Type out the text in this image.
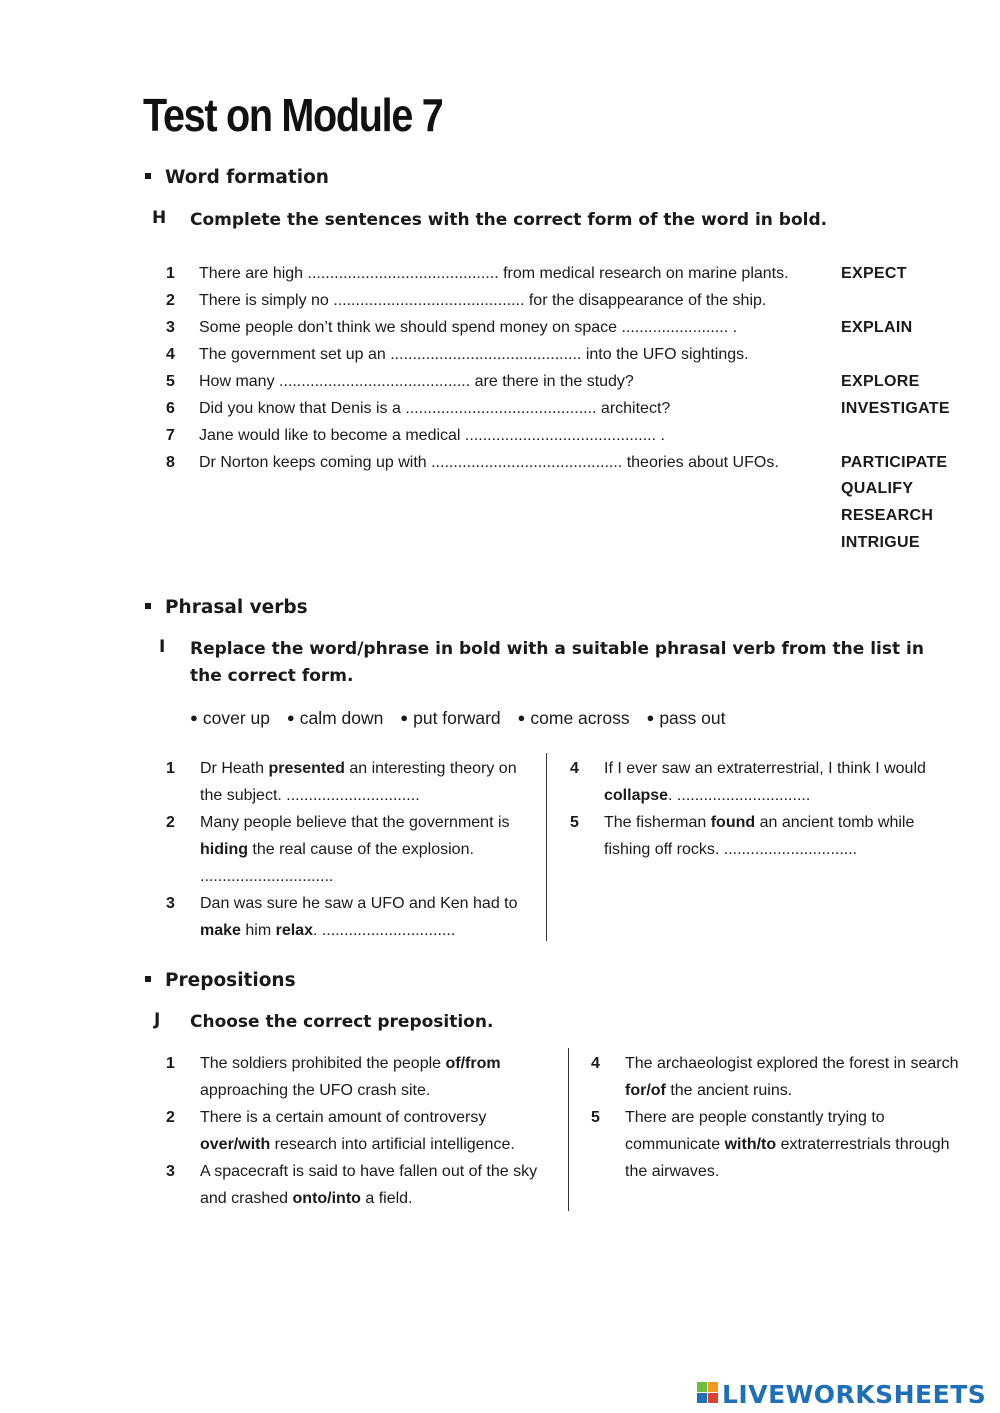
Test on Module 7
Word formation
H Complete the sentences with the correct form of the word in bold.
1 There are high ........................................... from medical research on marine plants.
2 There is simply no ........................................... for the disappearance of the ship.
3 Some people don’t think we should spend money on space ........................ .
4 The government set up an ........................................... into the UFO sightings.
5 How many ........................................... are there in the study?
6 Did you know that Denis is a ........................................... architect?
7 Jane would like to become a medical ........................................... .
8 Dr Norton keeps coming up with ........................................... theories about UFOs.
EXPECT
EXPLAIN
EXPLORE
INVESTIGATE
PARTICIPATE
QUALIFY
RESEARCH
INTRIGUE
Phrasal verbs
I Replace the word/phrase in bold with a suitable phrasal verb from the list in the correct form.
● cover up ● calm down ● put forward ● come across ● pass out
1 Dr Heath presented an interesting theory on the subject. ..............................
2 Many people believe that the government is hiding the real cause of the explosion. ..............................
3 Dan was sure he saw a UFO and Ken had to make him relax. ..............................
4 If I ever saw an extraterrestrial, I think I would collapse. ..............................
5 The fisherman found an ancient tomb while fishing off rocks. ..............................
Prepositions
J Choose the correct preposition.
1 The soldiers prohibited the people of/from approaching the UFO crash site.
2 There is a certain amount of controversy over/with research into artificial intelligence.
3 A spacecraft is said to have fallen out of the sky and crashed onto/into a field.
4 The archaeologist explored the forest in search for/of the ancient ruins.
5 There are people constantly trying to communicate with/to extraterrestrials through the airwaves.
LIVEWORKSHEETS
